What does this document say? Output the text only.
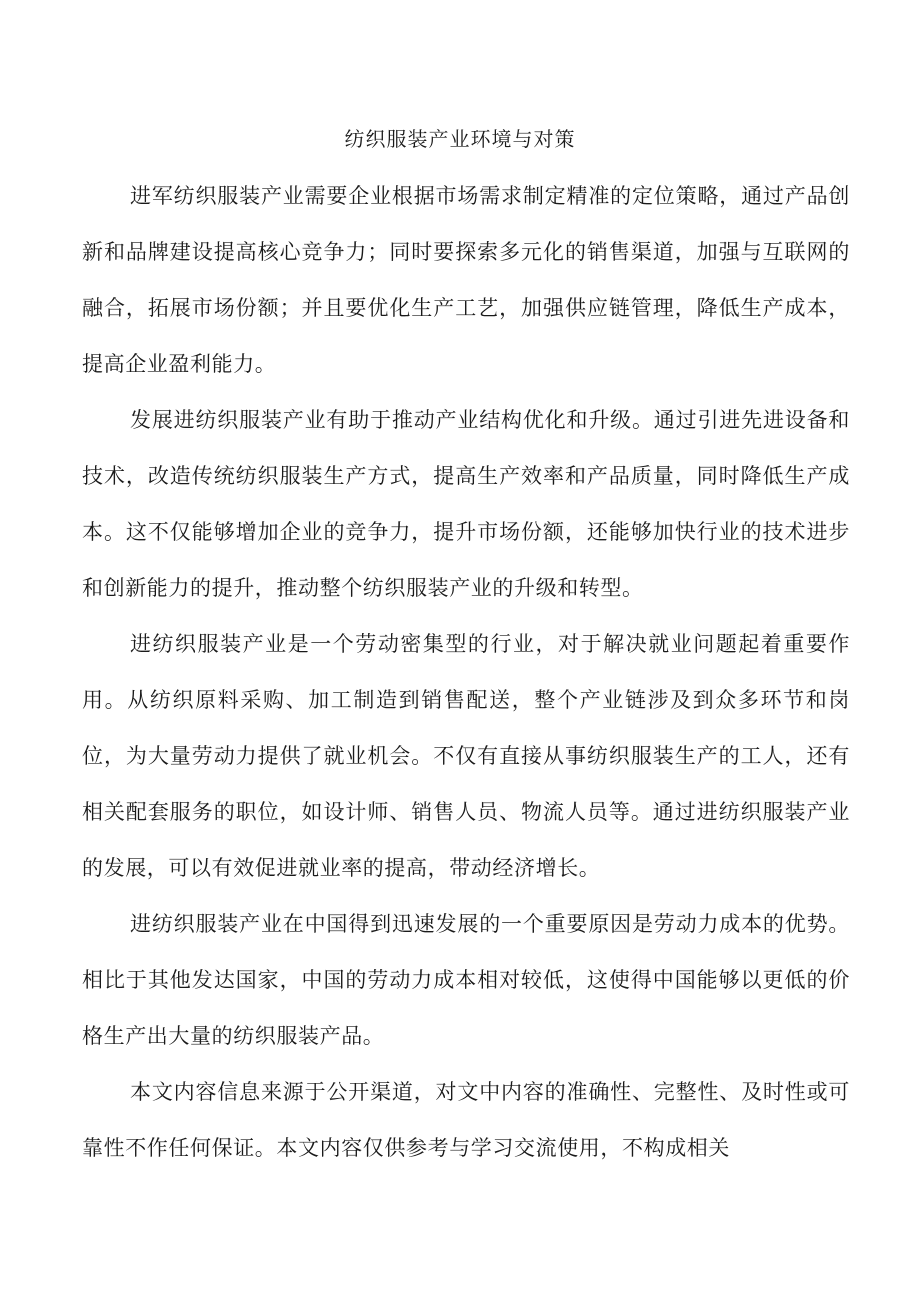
纺织服装产业环境与对策

进军纺织服装产业需要企业根据市场需求制定精准的定位策略，通过产品创新和品牌建设提高核心竞争力；同时要探索多元化的销售渠道，加强与互联网的融合，拓展市场份额；并且要优化生产工艺，加强供应链管理，降低生产成本，提高企业盈利能力。

发展进纺织服装产业有助于推动产业结构优化和升级。通过引进先进设备和技术，改造传统纺织服装生产方式，提高生产效率和产品质量，同时降低生产成本。这不仅能够增加企业的竞争力，提升市场份额，还能够加快行业的技术进步和创新能力的提升，推动整个纺织服装产业的升级和转型。

进纺织服装产业是一个劳动密集型的行业，对于解决就业问题起着重要作用。从纺织原料采购、加工制造到销售配送，整个产业链涉及到众多环节和岗位，为大量劳动力提供了就业机会。不仅有直接从事纺织服装生产的工人，还有相关配套服务的职位，如设计师、销售人员、物流人员等。通过进纺织服装产业的发展，可以有效促进就业率的提高，带动经济增长。

进纺织服装产业在中国得到迅速发展的一个重要原因是劳动力成本的优势。相比于其他发达国家，中国的劳动力成本相对较低，这使得中国能够以更低的价格生产出大量的纺织服装产品。

本文内容信息来源于公开渠道，对文中内容的准确性、完整性、及时性或可靠性不作任何保证。本文内容仅供参考与学习交流使用，不构成相关
